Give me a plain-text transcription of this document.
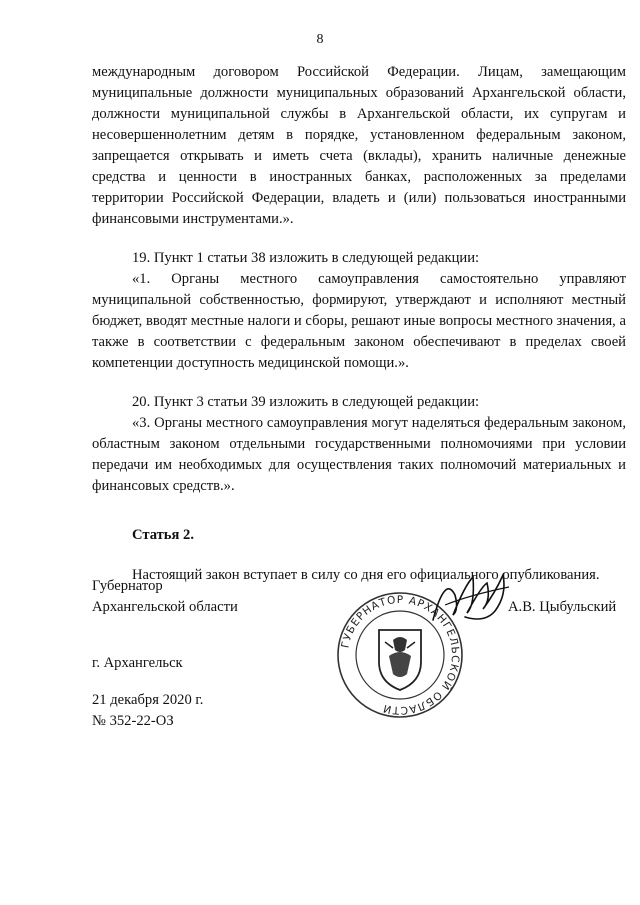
8

международным договором Российской Федерации. Лицам, замещающим муниципальные должности муниципальных образований Архангельской области, должности муниципальной службы в Архангельской области, их супругам и несовершеннолетним детям в порядке, установленном федеральным законом, запрещается открывать и иметь счета (вклады), хранить наличные денежные средства и ценности в иностранных банках, расположенных за пределами территории Российской Федерации, владеть и (или) пользоваться иностранными финансовыми инструментами.».

19. Пункт 1 статьи 38 изложить в следующей редакции:

«1. Органы местного самоуправления самостоятельно управляют муниципальной собственностью, формируют, утверждают и исполняют местный бюджет, вводят местные налоги и сборы, решают иные вопросы местного значения, а также в соответствии с федеральным законом обеспечивают в пределах своей компетенции доступность медицинской помощи.».

20. Пункт 3 статьи 39 изложить в следующей редакции:

«3. Органы местного самоуправления могут наделяться федеральным законом, областным законом отдельными государственными полномочиями при условии передачи им необходимых для осуществления таких полномочий материальных и финансовых средств.».

Статья 2.

Настоящий закон вступает в силу со дня его официального опубликования.

Губернатор
Архангельской области	А.В. Цыбульский
ГУБЕРНАТОР АРХАНГЕЛЬСКОЙ ОБЛАСТИ
г. Архангельск
21 декабря 2020 г.
№ 352-22-ОЗ
